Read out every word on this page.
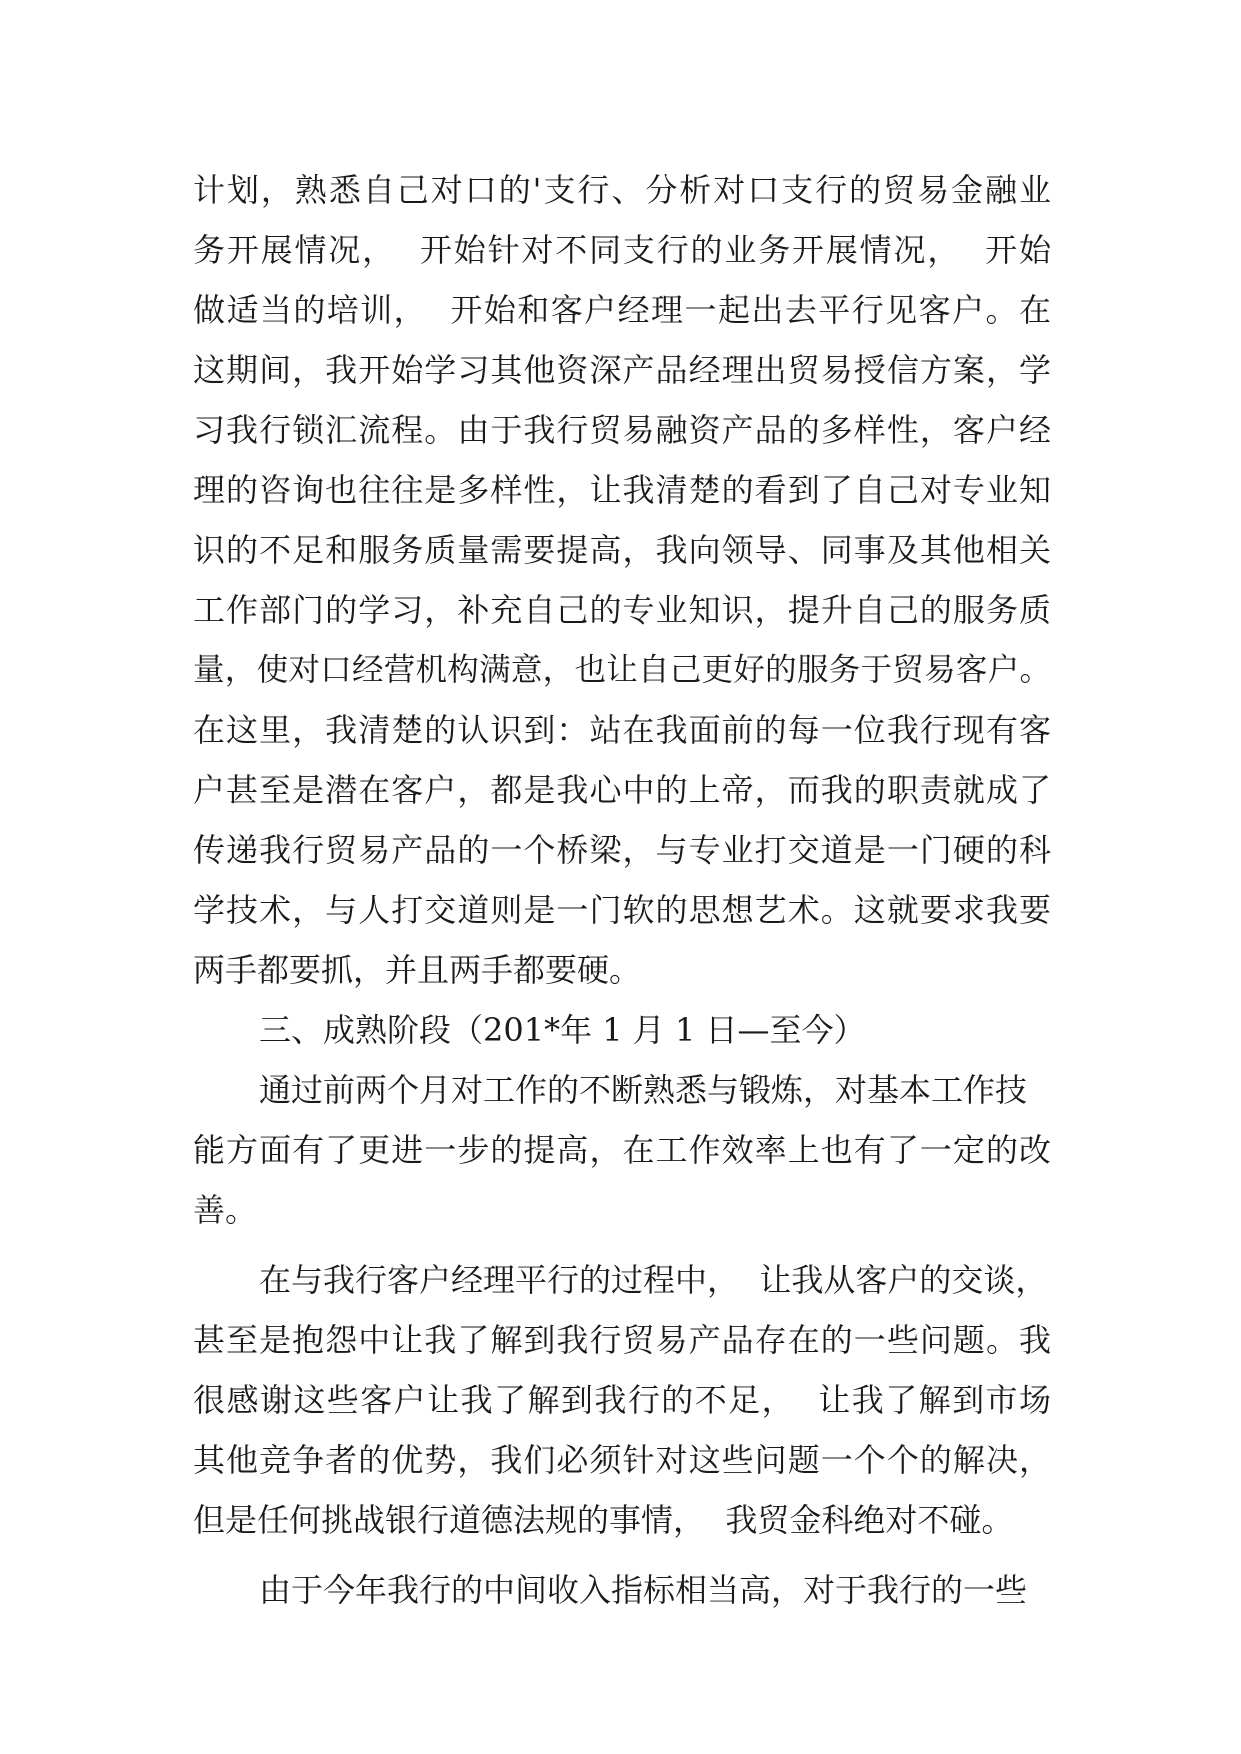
计划，熟悉自己对口的'支行、分析对口支行的贸易金融业
务开展情况，  开始针对不同支行的业务开展情况，  开始
做适当的培训，  开始和客户经理一起出去平行见客户。在
这期间，我开始学习其他资深产品经理出贸易授信方案，学
习我行锁汇流程。由于我行贸易融资产品的多样性，客户经
理的咨询也往往是多样性，让我清楚的看到了自己对专业知
识的不足和服务质量需要提高，我向领导、同事及其他相关
工作部门的学习，补充自己的专业知识，提升自己的服务质
量，使对口经营机构满意，也让自己更好的服务于贸易客户。
在这里，我清楚的认识到：站在我面前的每一位我行现有客
户甚至是潜在客户，都是我心中的上帝，而我的职责就成了
传递我行贸易产品的一个桥梁，与专业打交道是一门硬的科
学技术，与人打交道则是一门软的思想艺术。这就要求我要
两手都要抓，并且两手都要硬。
三、成熟阶段（201*年 1 月 1 日—至今）
通过前两个月对工作的不断熟悉与锻炼，对基本工作技
能方面有了更进一步的提高，在工作效率上也有了一定的改
善。
在与我行客户经理平行的过程中，  让我从客户的交谈，
甚至是抱怨中让我了解到我行贸易产品存在的一些问题。我
很感谢这些客户让我了解到我行的不足，  让我了解到市场
其他竞争者的优势，我们必须针对这些问题一个个的解决，
但是任何挑战银行道德法规的事情，  我贸金科绝对不碰。
由于今年我行的中间收入指标相当高，对于我行的一些
